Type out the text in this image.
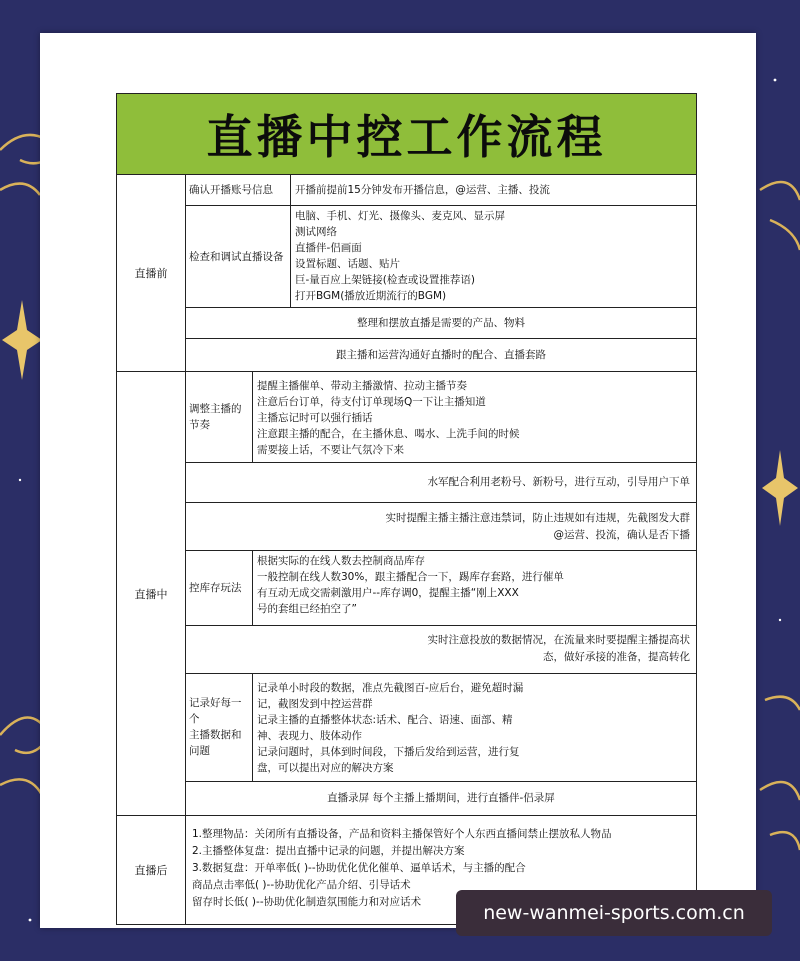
直播中控工作流程
直播前
确认开播账号信息	开播前提前15分钟发布开播信息，@运营、主播、投流
检查和调试直播设备
电脑、手机、灯光、摄像头、麦克风、显示屏
测试网络
直播伴-侣画面
设置标题、话题、贴片
巨-量百应上架链接(检查或设置推荐语)
打开BGM(播放近期流行的BGM)
整理和摆放直播是需要的产品、物料
跟主播和运营沟通好直播时的配合、直播套路
直播中
调整主播的
节奏
提醒主播催单、带动主播激情、拉动主播节奏
注意后台订单，待支付订单现场Q一下让主播知道
主播忘记时可以强行插话
注意跟主播的配合，在主播休息、喝水、上洗手间的时候
需要接上话，不要让气氛冷下来
水军配合利用老粉号、新粉号，进行互动，引导用户下单
实时提醒主播主播注意违禁词，防止违规如有违规，先截图发大群
@运营、投流，确认是否下播
控库存玩法
根据实际的在线人数去控制商品库存
一般控制在线人数30%，跟主播配合一下，踢库存套路，进行催单
有互动无成交需刺激用户--库存调0，提醒主播“刚上XXX
号的套组已经拍空了”
实时注意投放的数据情况，在流量来时要提醒主播提高状
态，做好承接的准备，提高转化
记录好每一
个
主播数据和
问题
记录单小时段的数据，准点先截图百-应后台，避免超时漏
记，截图发到中控运营群
记录主播的直播整体状态:话术、配合、语速、面部、精
神、表现力、肢体动作
记录问题时，具体到时间段，下播后发给到运营，进行复
盘，可以提出对应的解决方案
直播录屏 每个主播上播期间，进行直播伴-侣录屏
直播后
1.整理物品：关闭所有直播设备，产品和资料主播保管好个人东西直播间禁止摆放私人物品
2.主播整体复盘：提出直播中记录的问题，并提出解决方案
3.数据复盘：开单率低( )--协助优化优化催单、逼单话术，与主播的配合
商品点击率低( )--协助优化产品介绍、引导话术
留存时长低( )--协助优化制造氛围能力和对应话术	new-wanmei-sports.com.cn
